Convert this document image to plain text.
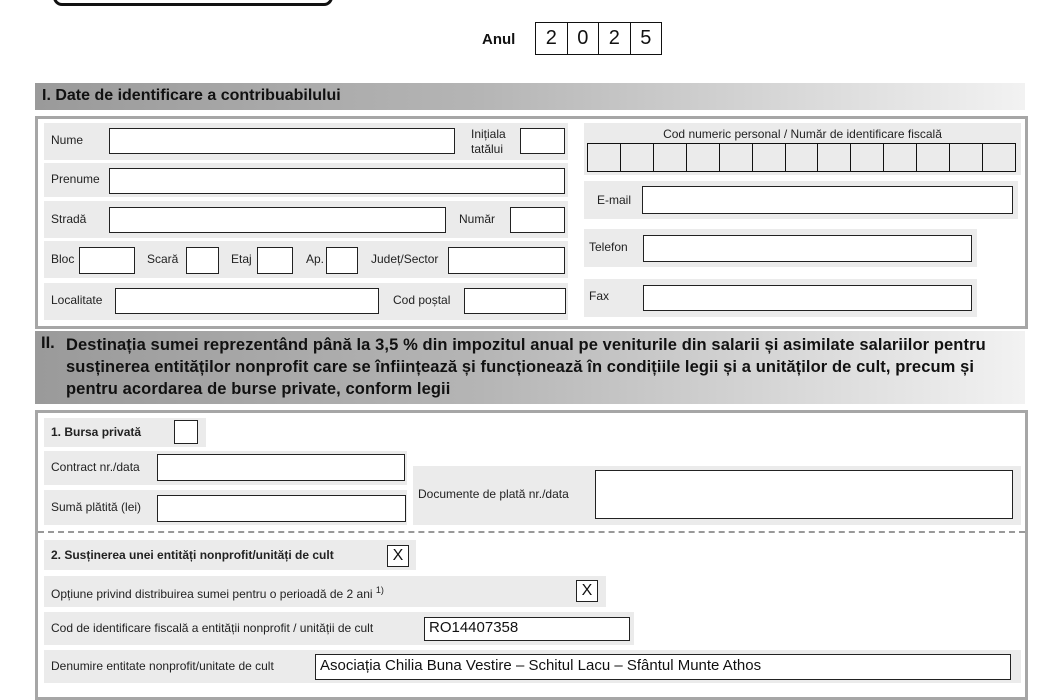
Anul	2	0	2	5
I. Date de identificare a contribuabilului
Nume	Inițiala
tatălui
Prenume
Stradă	Număr
Bloc	Scară	Etaj	Ap.	Județ/Sector
Localitate	Cod poștal
Cod numeric personal / Număr de identificare fiscală
E-mail
Telefon
Fax
II. Destinația sumei reprezentând până la 3,5 % din impozitul anual pe veniturile din salarii și asimilate salariilor pentru susținerea entităților nonprofit care se înființează și funcționează în condițiile legii și a unităților de cult, precum și pentru acordarea de burse private, conform legii
1. Bursa privată
Contract nr./data
Sumă plătită (lei)
Documente de plată nr./data
2. Susținerea unei entități nonprofit/unități de cult	X
Opțiune privind distribuirea sumei pentru o perioadă de 2 ani $^{1)}$	X
Cod de identificare fiscală a entității nonprofit / unității de cult	RO14407358
Denumire entitate nonprofit/unitate de cult	Asociația Chilia Buna Vestire – Schitul Lacu – Sfântul Munte Athos
